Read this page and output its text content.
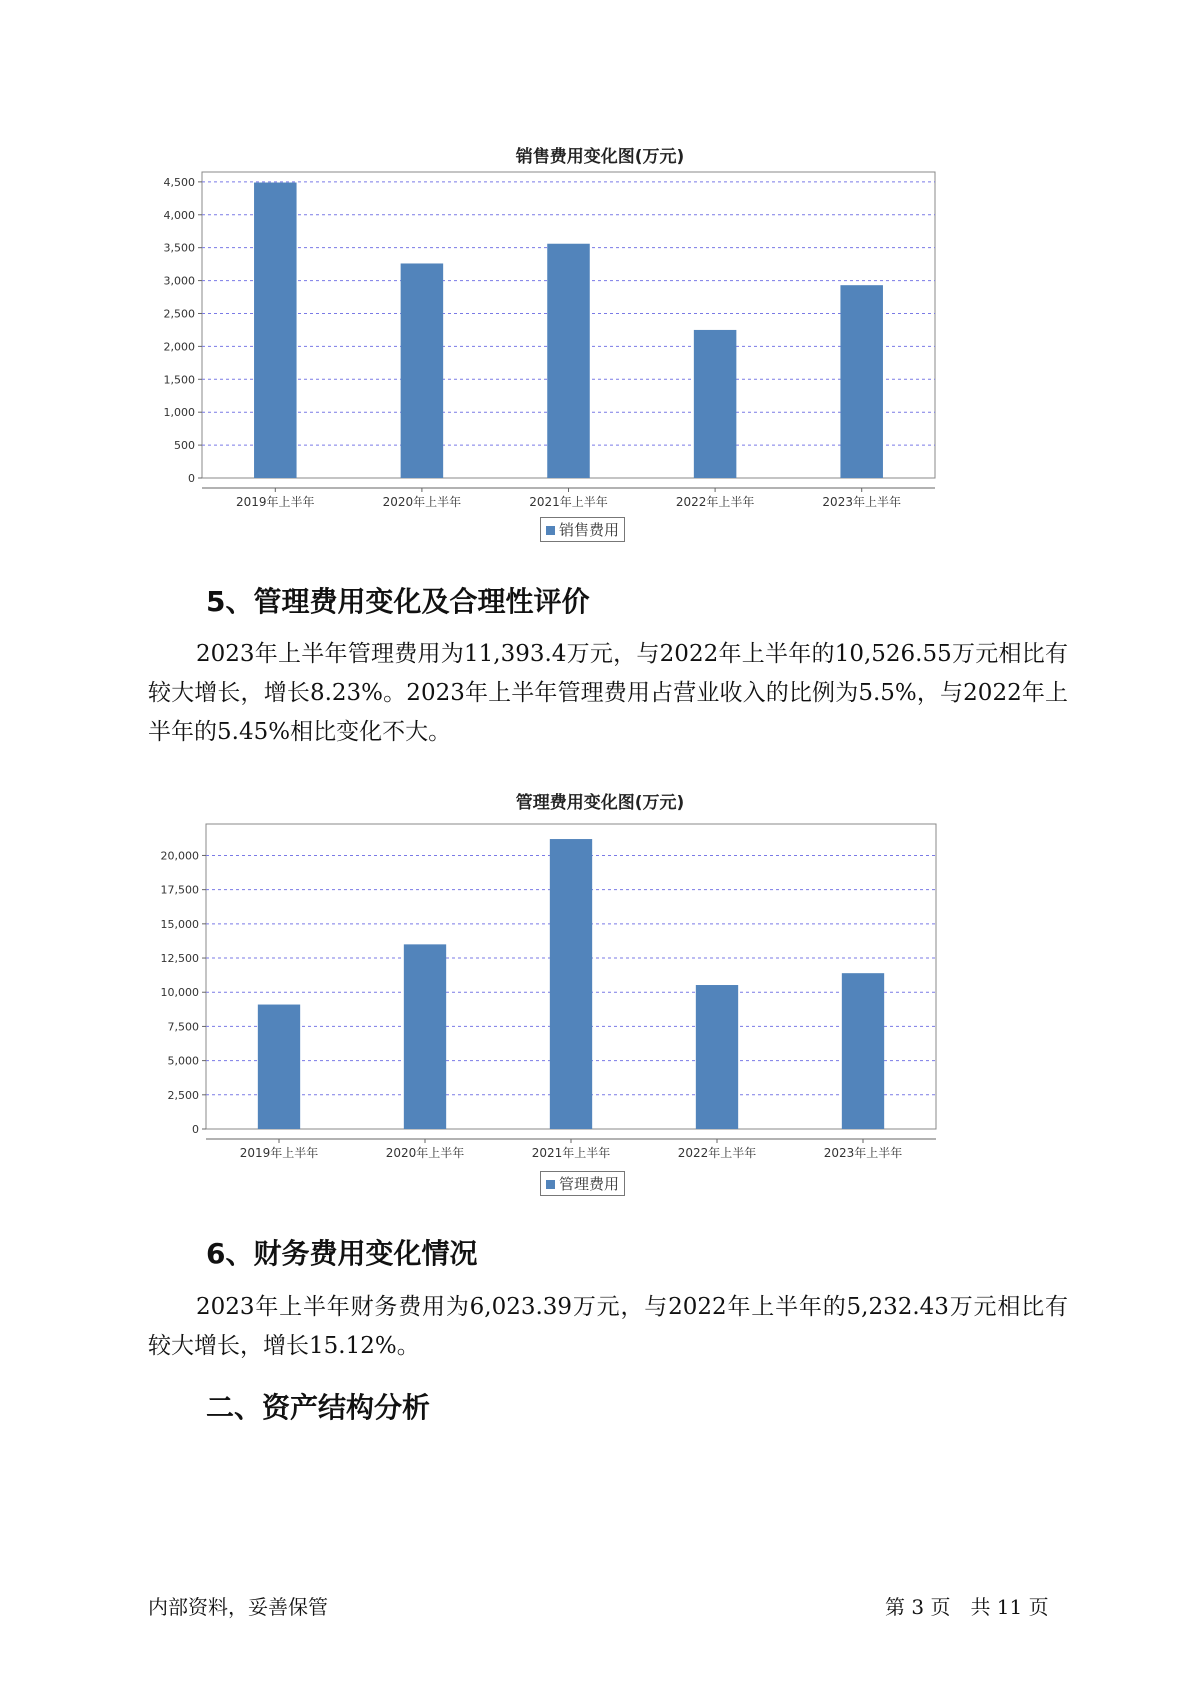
销售费用变化图(万元)
0
500
1,000
1,500
2,000
2,500
3,000
3,500
4,000
4,500
2019年上半年	2020年上半年	2021年上半年	2022年上半年	2023年上半年
销售费用
5、管理费用变化及合理性评价
2023年上半年管理费用为11,393.4万元，与2022年上半年的10,526.55万元相比有较大增长，增长8.23%。2023年上半年管理费用占营业收入的比例为5.5%，与2022年上半年的5.45%相比变化不大。
管理费用变化图(万元)
0
2,500
5,000
7,500
10,000
12,500
15,000
17,500
20,000
2019年上半年	2020年上半年	2021年上半年	2022年上半年	2023年上半年
管理费用
6、财务费用变化情况
2023年上半年财务费用为6,023.39万元，与2022年上半年的5,232.43万元相比有较大增长，增长15.12%。
二、资产结构分析
内部资料，妥善保管	第 3 页　共 11 页
